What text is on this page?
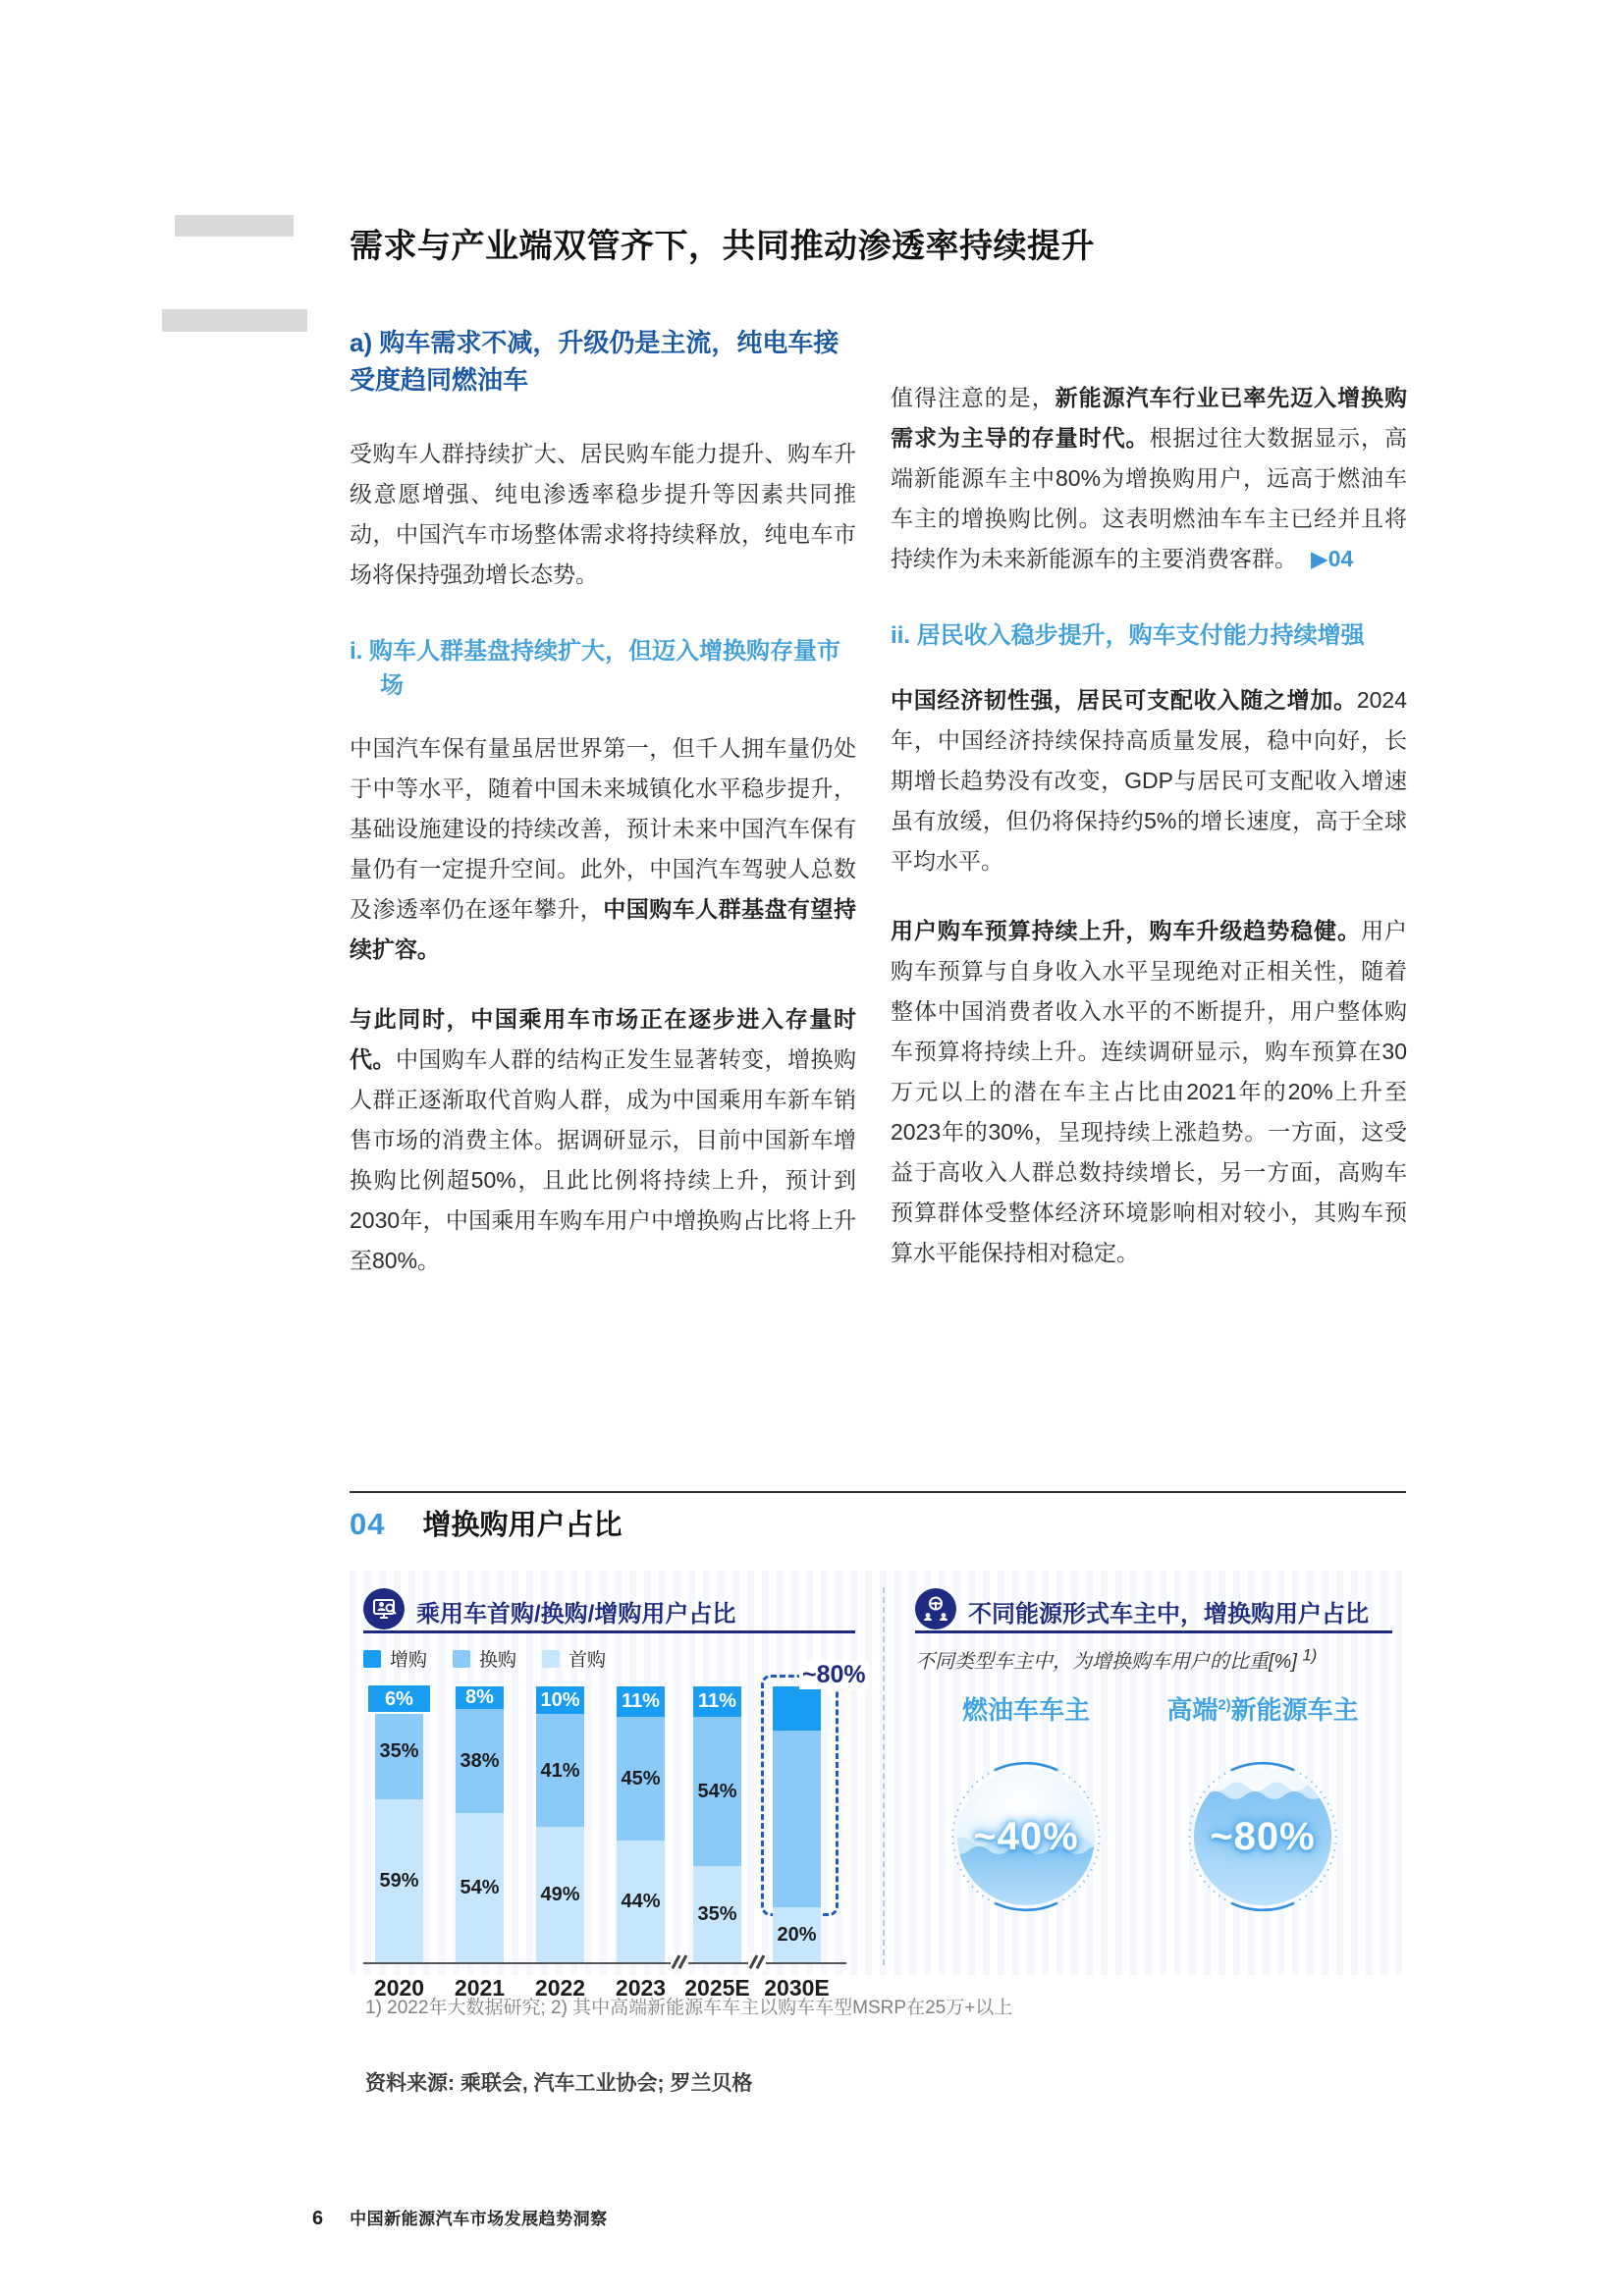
需求与产业端双管齐下，共同推动渗透率持续提升

a) 购车需求不减，升级仍是主流，纯电车接受度趋同燃油车

受购车人群持续扩大、居民购车能力提升、购车升级意愿增强、纯电渗透率稳步提升等因素共同推动，中国汽车市场整体需求将持续释放，纯电车市场将保持强劲增长态势。

i. 购车人群基盘持续扩大，但迈入增换购存量市场

中国汽车保有量虽居世界第一，但千人拥车量仍处于中等水平，随着中国未来城镇化水平稳步提升，基础设施建设的持续改善，预计未来中国汽车保有量仍有一定提升空间。此外，中国汽车驾驶人总数及渗透率仍在逐年攀升，中国购车人群基盘有望持续扩容。

与此同时，中国乘用车市场正在逐步进入存量时代。中国购车人群的结构正发生显著转变，增换购人群正逐渐取代首购人群，成为中国乘用车新车销售市场的消费主体。据调研显示，目前中国新车增换购比例超50%，且此比例将持续上升，预计到2030年，中国乘用车购车用户中增换购占比将上升至80%。

值得注意的是，新能源汽车行业已率先迈入增换购需求为主导的存量时代。根据过往大数据显示，高端新能源车主中80%为增换购用户，远高于燃油车车主的增换购比例。这表明燃油车车主已经并且将持续作为未来新能源车的主要消费客群。 ▶04

ii. 居民收入稳步提升，购车支付能力持续增强

中国经济韧性强，居民可支配收入随之增加。2024年，中国经济持续保持高质量发展，稳中向好，长期增长趋势没有改变，GDP与居民可支配收入增速虽有放缓，但仍将保持约5%的增长速度，高于全球平均水平。

用户购车预算持续上升，购车升级趋势稳健。用户购车预算与自身收入水平呈现绝对正相关性，随着整体中国消费者收入水平的不断提升，用户整体购车预算将持续上升。连续调研显示，购车预算在30万元以上的潜在车主占比由2021年的20%上升至2023年的30%，呈现持续上涨趋势。一方面，这受益于高收入人群总数持续增长，另一方面，高购车预算群体受整体经济环境影响相对较小，其购车预算水平能保持相对稳定。

04 增换购用户占比
乘用车首购/换购/增购用户占比
增购	换购	首购
~80%
59%
35%
6%
2020
54%
38%
8%
2021
49%
41%
10%
2022
44%
45%
11%
2023
35%
54%
11%
2025E
20%
2030E
不同能源形式车主中，增换购用户占比
不同类型车主中，为增换购车用户的比重[%] $^{1)}$
燃油车车主	高端$^{2)}$新能源车主
~40%	~80%
1) 2022年大数据研究; 2) 其中高端新能源车车主以购车车型MSRP在25万+以上
资料来源: 乘联会, 汽车工业协会; 罗兰贝格
6 中国新能源汽车市场发展趋势洞察
